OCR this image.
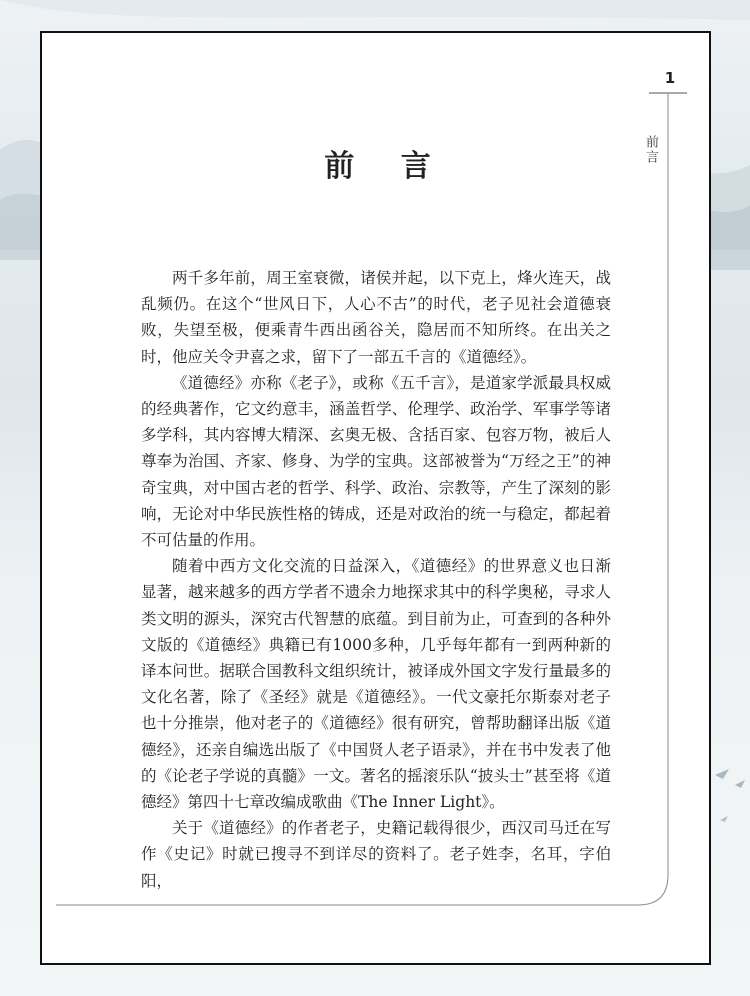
1
前言
前 言

两千多年前，周王室衰微，诸侯并起，以下克上，烽火连天，战乱频仍。在这个“世风日下，人心不古”的时代，老子见社会道德衰败，失望至极，便乘青牛西出函谷关，隐居而不知所终。在出关之时，他应关令尹喜之求，留下了一部五千言的《道德经》。

《道德经》亦称《老子》，或称《五千言》，是道家学派最具权威的经典著作，它文约意丰，涵盖哲学、伦理学、政治学、军事学等诸多学科，其内容博大精深、玄奥无极、含括百家、包容万物，被后人尊奉为治国、齐家、修身、为学的宝典。这部被誉为“万经之王”的神奇宝典，对中国古老的哲学、科学、政治、宗教等，产生了深刻的影响，无论对中华民族性格的铸成，还是对政治的统一与稳定，都起着不可估量的作用。

随着中西方文化交流的日益深入，《道德经》的世界意义也日渐显著，越来越多的西方学者不遗余力地探求其中的科学奥秘，寻求人类文明的源头，深究古代智慧的底蕴。到目前为止，可查到的各种外文版的《道德经》典籍已有1000多种，几乎每年都有一到两种新的译本问世。据联合国教科文组织统计，被译成外国文字发行量最多的文化名著，除了《圣经》就是《道德经》。一代文豪托尔斯泰对老子也十分推崇，他对老子的《道德经》很有研究，曾帮助翻译出版《道德经》，还亲自编选出版了《中国贤人老子语录》，并在书中发表了他的《论老子学说的真髓》一文。著名的摇滚乐队“披头士”甚至将《道德经》第四十七章改编成歌曲《The Inner Light》。

关于《道德经》的作者老子，史籍记载得很少，西汉司马迁在写作《史记》时就已搜寻不到详尽的资料了。老子姓李，名耳，字伯阳，
